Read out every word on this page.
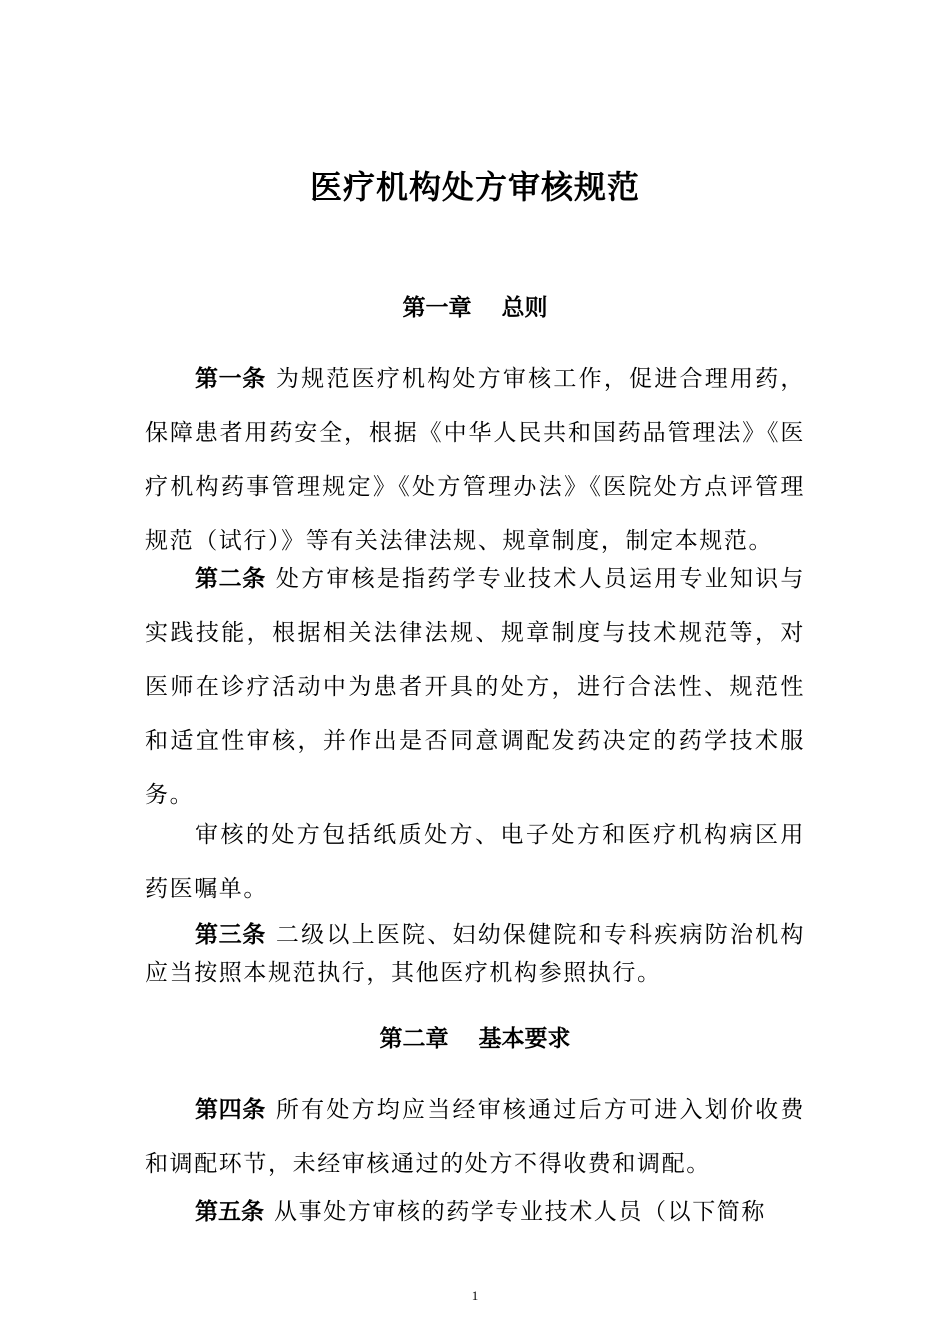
医疗机构处方审核规范
第一章 总则
第一条 为规范医疗机构处方审核工作，促进合理用药，保障患者用药安全，根据《中华人民共和国药品管理法》《医疗机构药事管理规定》《处方管理办法》《医院处方点评管理规范（试行）》等有关法律法规、规章制度，制定本规范。
第二条 处方审核是指药学专业技术人员运用专业知识与实践技能，根据相关法律法规、规章制度与技术规范等，对医师在诊疗活动中为患者开具的处方，进行合法性、规范性和适宜性审核，并作出是否同意调配发药决定的药学技术服务。
审核的处方包括纸质处方、电子处方和医疗机构病区用药医嘱单。
第三条 二级以上医院、妇幼保健院和专科疾病防治机构应当按照本规范执行，其他医疗机构参照执行。
第二章 基本要求
第四条 所有处方均应当经审核通过后方可进入划价收费和调配环节，未经审核通过的处方不得收费和调配。
第五条 从事处方审核的药学专业技术人员（以下简称
1
